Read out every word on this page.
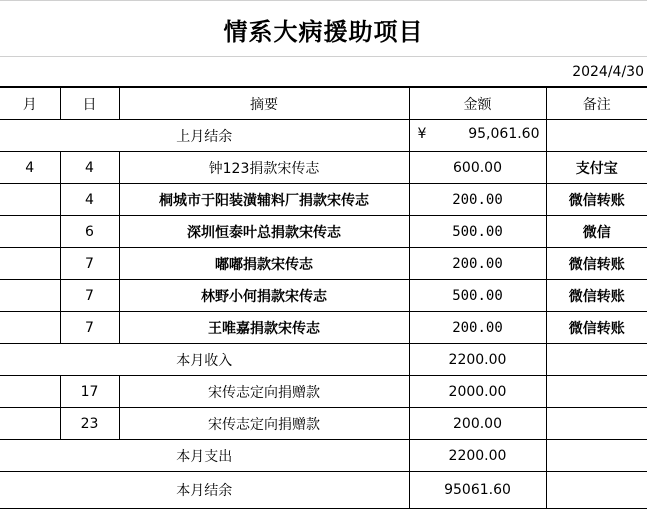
情系大病援助项目
2024/4/30
月	日	摘要	金额	备注
上月结余			¥ 95,061.60	

4	4	钟123捐款宋传志	600.00	支付宝
	4	桐城市于阳装潢辅料厂捐款宋传志	200.00	微信转账
	6	深圳恒泰叶总捐款宋传志	500.00	微信
	7	嘟嘟捐款宋传志	200.00	微信转账
	7	林野小何捐款宋传志	500.00	微信转账
	7	王唯嘉捐款宋传志	200.00	微信转账
本月收入			2200.00	
	17	宋传志定向捐赠款	2000.00	
	23	宋传志定向捐赠款	200.00	
本月支出			2200.00	
本月结余			95061.60	
